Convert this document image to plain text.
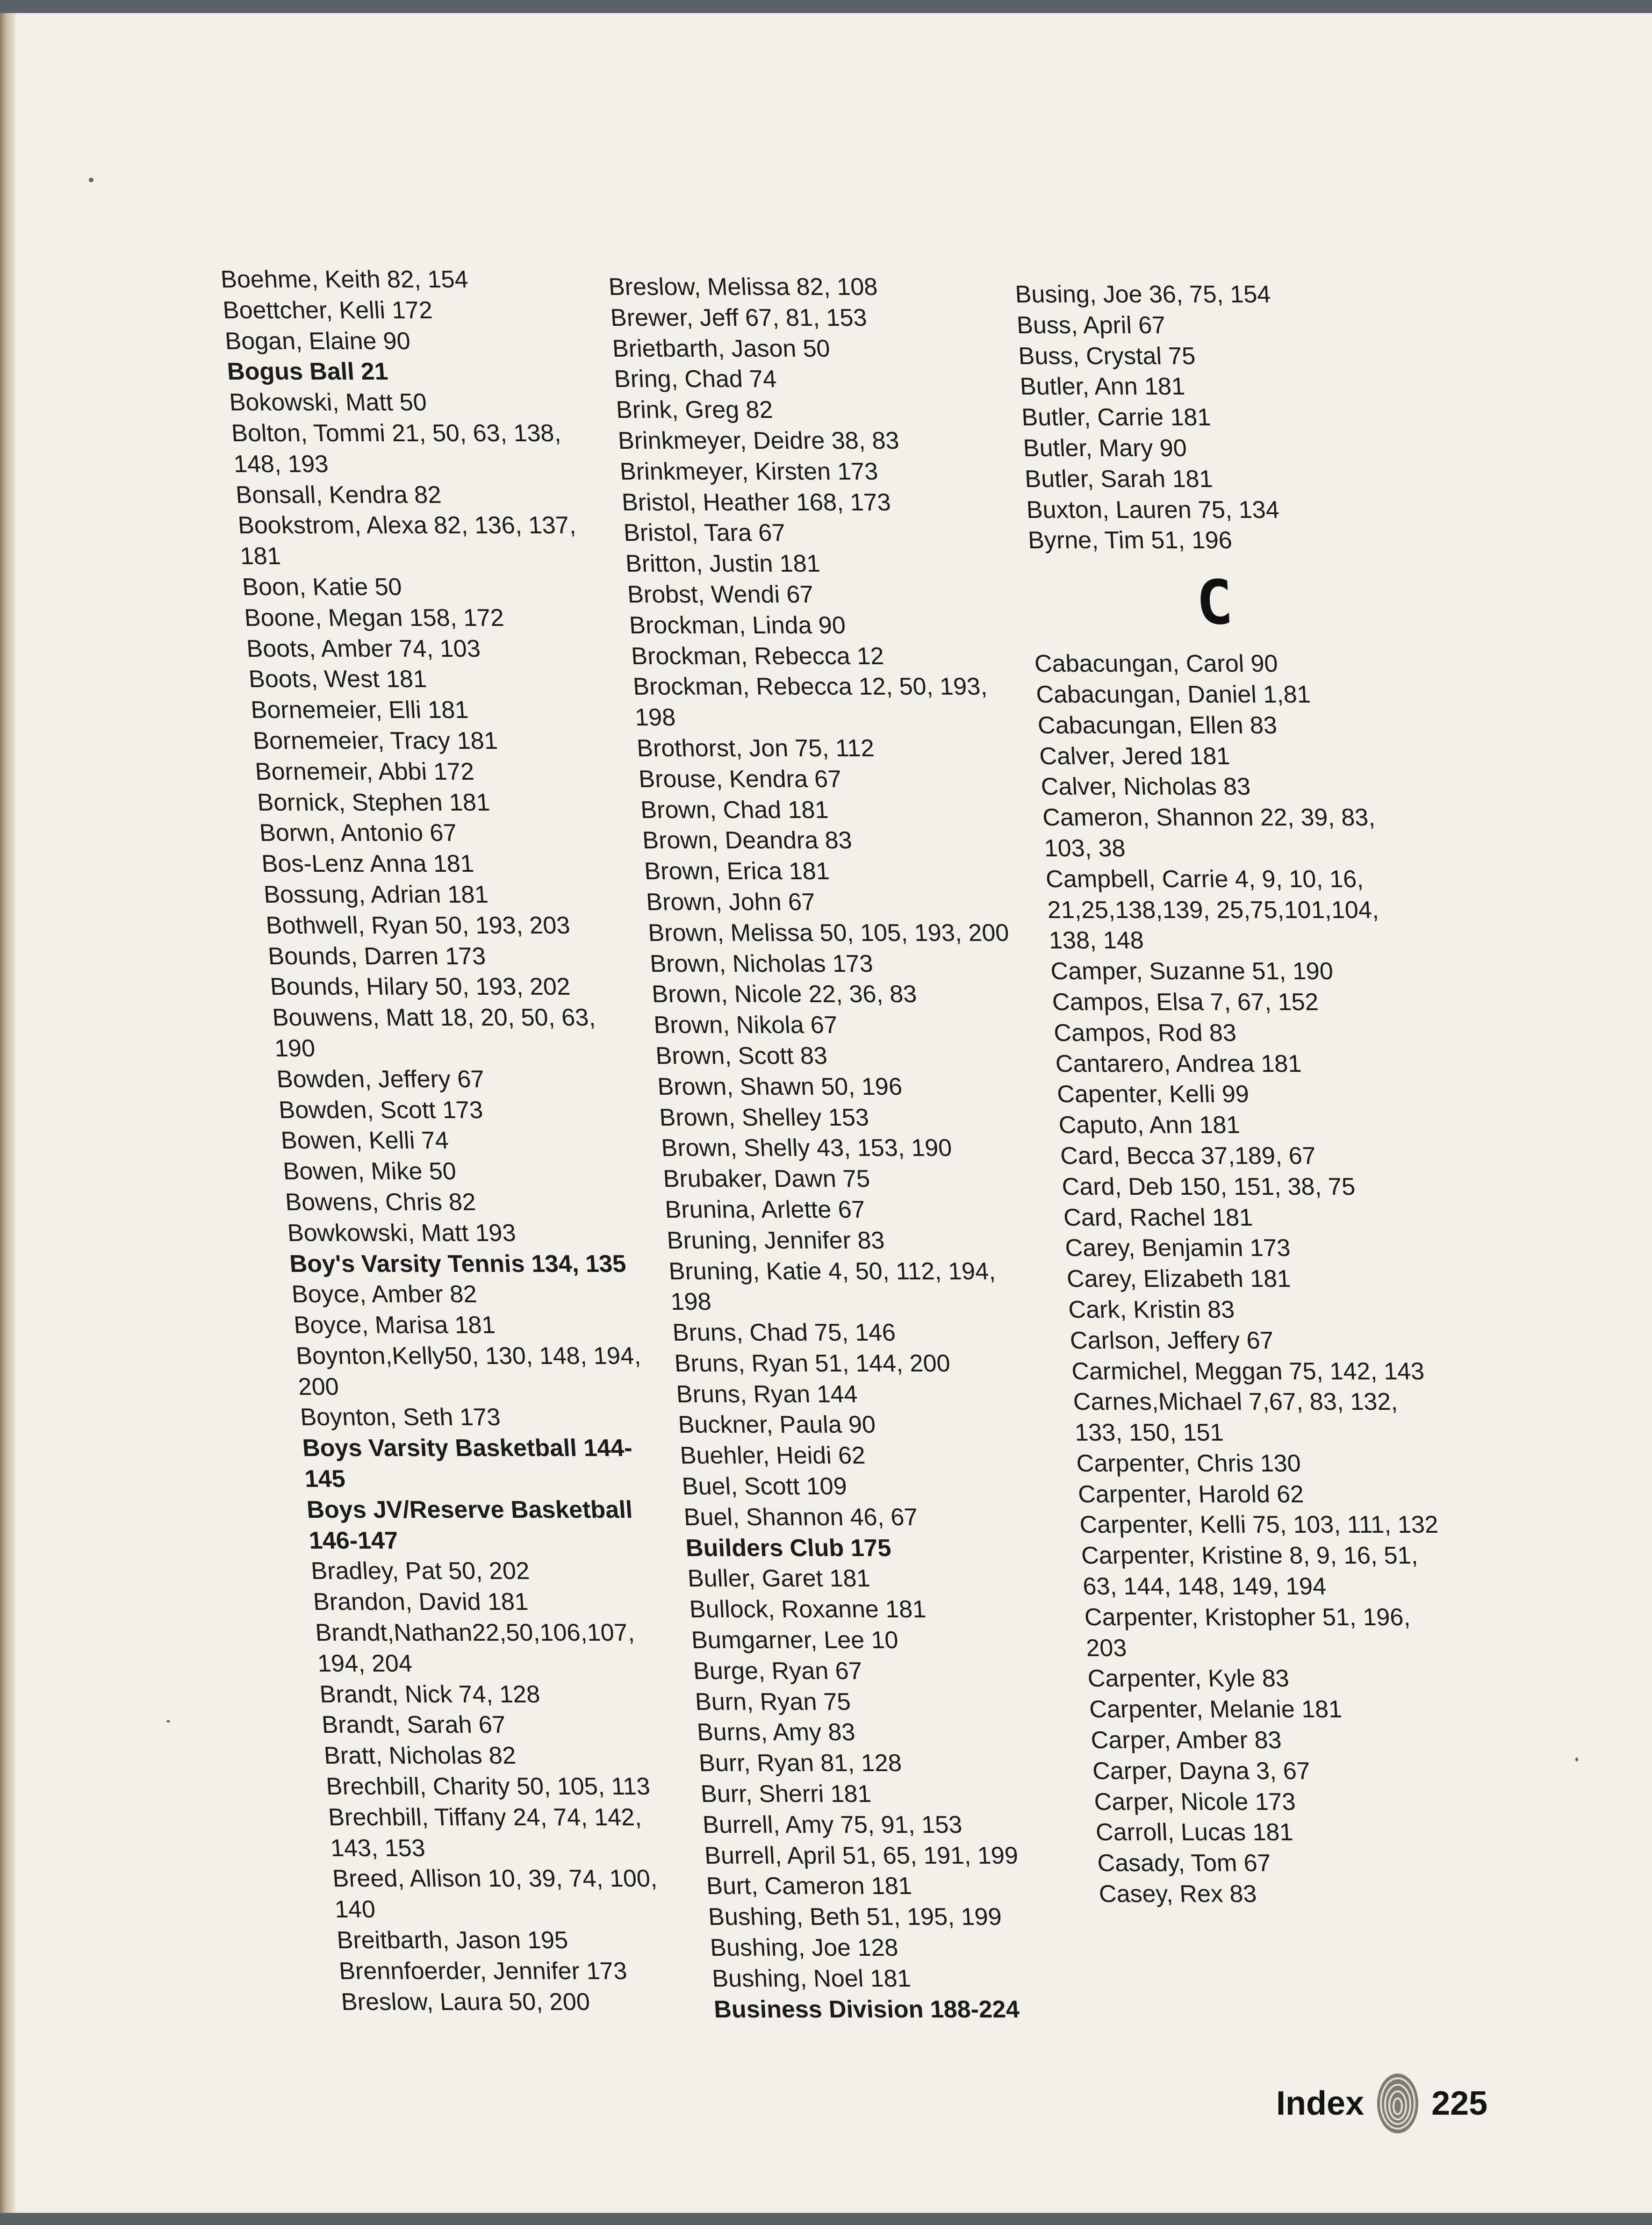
Boehme, Keith 82, 154
Boettcher, Kelli 172
Bogan, Elaine 90
Bogus Ball 21
Bokowski, Matt 50
Bolton, Tommi 21, 50, 63, 138, 148, 193
Bonsall, Kendra 82
Bookstrom, Alexa 82, 136, 137, 181
Boon, Katie 50
Boone, Megan 158, 172
Boots, Amber 74, 103
Boots, West 181
Bornemeier, Elli 181
Bornemeier, Tracy 181
Bornemeir, Abbi 172
Bornick, Stephen 181
Borwn, Antonio 67
Bos-Lenz Anna 181
Bossung, Adrian 181
Bothwell, Ryan 50, 193, 203
Bounds, Darren 173
Bounds, Hilary 50, 193, 202
Bouwens, Matt 18, 20, 50, 63, 190
Bowden, Jeffery 67
Bowden, Scott 173
Bowen, Kelli 74
Bowen, Mike 50
Bowens, Chris 82
Bowkowski, Matt 193
Boy's Varsity Tennis 134, 135
Boyce, Amber 82
Boyce, Marisa 181
Boynton,Kelly50, 130, 148, 194, 200
Boynton, Seth 173
Boys Varsity Basketball 144-145
Boys JV/Reserve Basketball 146-147
Bradley, Pat 50, 202
Brandon, David 181
Brandt,Nathan22,50,106,107, 194, 204
Brandt, Nick 74, 128
Brandt, Sarah 67
Bratt, Nicholas 82
Brechbill, Charity 50, 105, 113
Brechbill, Tiffany 24, 74, 142, 143, 153
Breed, Allison 10, 39, 74, 100, 140
Breitbarth, Jason 195
Brennfoerder, Jennifer 173
Breslow, Laura 50, 200
Breslow, Melissa 82, 108
Brewer, Jeff 67, 81, 153
Brietbarth, Jason 50
Bring, Chad 74
Brink, Greg 82
Brinkmeyer, Deidre 38, 83
Brinkmeyer, Kirsten 173
Bristol, Heather 168, 173
Bristol, Tara 67
Britton, Justin 181
Brobst, Wendi 67
Brockman, Linda 90
Brockman, Rebecca 12
Brockman, Rebecca 12, 50, 193, 198
Brothorst, Jon 75, 112
Brouse, Kendra 67
Brown, Chad 181
Brown, Deandra 83
Brown, Erica 181
Brown, John 67
Brown, Melissa 50, 105, 193, 200
Brown, Nicholas 173
Brown, Nicole 22, 36, 83
Brown, Nikola 67
Brown, Scott 83
Brown, Shawn 50, 196
Brown, Shelley 153
Brown, Shelly 43, 153, 190
Brubaker, Dawn 75
Brunina, Arlette 67
Bruning, Jennifer 83
Bruning, Katie 4, 50, 112, 194, 198
Bruns, Chad 75, 146
Bruns, Ryan 51, 144, 200
Bruns, Ryan 144
Buckner, Paula 90
Buehler, Heidi 62
Buel, Scott 109
Buel, Shannon 46, 67
Builders Club 175
Buller, Garet 181
Bullock, Roxanne 181
Bumgarner, Lee 10
Burge, Ryan 67
Burn, Ryan 75
Burns, Amy 83
Burr, Ryan 81, 128
Burr, Sherri 181
Burrell, Amy 75, 91, 153
Burrell, April 51, 65, 191, 199
Burt, Cameron 181
Bushing, Beth 51, 195, 199
Bushing, Joe 128
Bushing, Noel 181
Business Division 188-224
Busing, Joe 36, 75, 154
Buss, April 67
Buss, Crystal 75
Butler, Ann 181
Butler, Carrie 181
Butler, Mary 90
Butler, Sarah 181
Buxton, Lauren 75, 134
Byrne, Tim 51, 196
C
Cabacungan, Carol 90
Cabacungan, Daniel 1,81
Cabacungan, Ellen 83
Calver, Jered 181
Calver, Nicholas 83
Cameron, Shannon 22, 39, 83, 103, 38
Campbell, Carrie 4, 9, 10, 16, 21,25,138,139, 25,75,101,104, 138, 148
Camper, Suzanne 51, 190
Campos, Elsa 7, 67, 152
Campos, Rod 83
Cantarero, Andrea 181
Capenter, Kelli 99
Caputo, Ann 181
Card, Becca 37,189, 67
Card, Deb 150, 151, 38, 75
Card, Rachel 181
Carey, Benjamin 173
Carey, Elizabeth 181
Cark, Kristin 83
Carlson, Jeffery 67
Carmichel, Meggan 75, 142, 143
Carnes,Michael 7,67, 83, 132, 133, 150, 151
Carpenter, Chris 130
Carpenter, Harold 62
Carpenter, Kelli 75, 103, 111, 132
Carpenter, Kristine 8, 9, 16, 51, 63, 144, 148, 149, 194
Carpenter, Kristopher 51, 196, 203
Carpenter, Kyle 83
Carpenter, Melanie 181
Carper, Amber 83
Carper, Dayna 3, 67
Carper, Nicole 173
Carroll, Lucas 181
Casady, Tom 67
Casey, Rex 83
Index 225
